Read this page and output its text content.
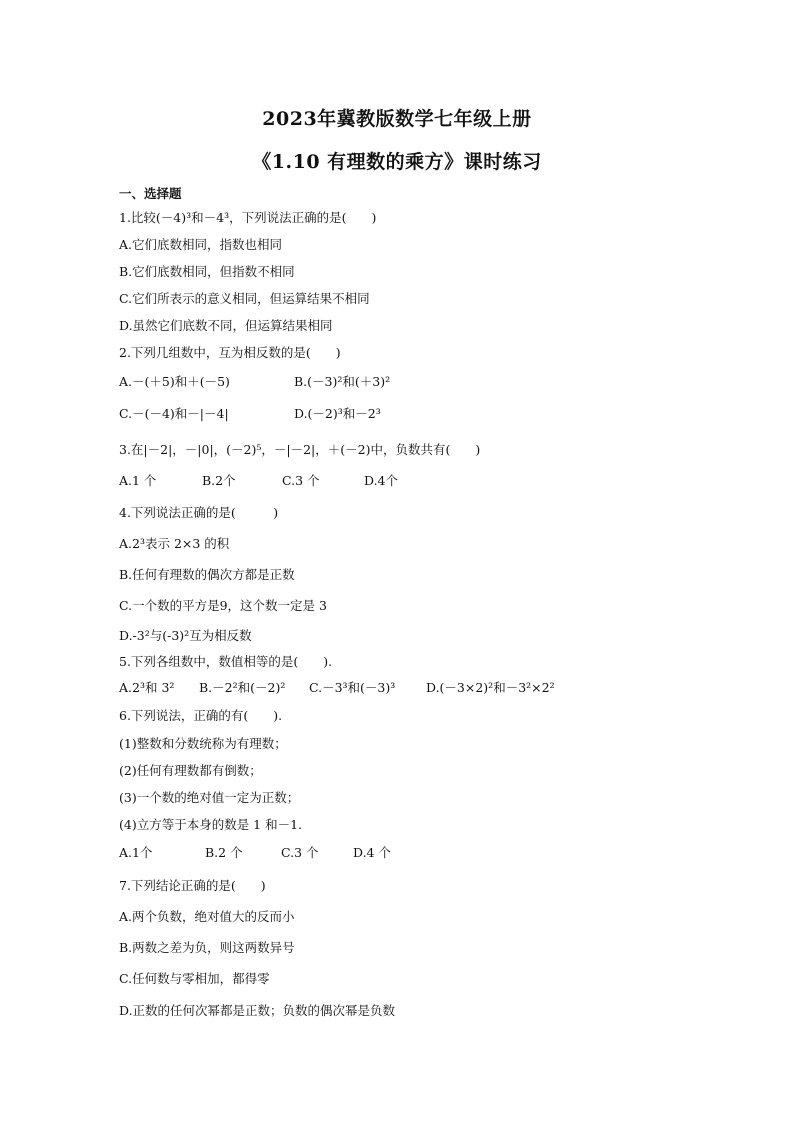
2023年冀教版数学七年级上册
《1.10 有理数的乘方》课时练习
一、选择题
1.比较(－4)³和－4³，下列说法正确的是(　　)
A.它们底数相同，指数也相同
B.它们底数相同，但指数不相同
C.它们所表示的意义相同，但运算结果不相同
D.虽然它们底数不同，但运算结果相同
2.下列几组数中，互为相反数的是(　　)
A.－(＋5)和＋(－5)	B.(－3)²和(＋3)²
C.－(－4)和－|－4|	D.(－2)³和－2³
3.在|－2|，－|0|，(－2)⁵，－|－2|，＋(－2)中，负数共有(　　)
A.1 个	B.2个	C.3 个	D.4个
4.下列说法正确的是(　　　)
A.2³表示 2×3 的积
B.任何有理数的偶次方都是正数
C.一个数的平方是9，这个数一定是 3
D.-3²与(-3)²互为相反数
5.下列各组数中，数值相等的是(　　).
A.2³和 3² B.－2²和(－2)² C.－3³和(－3)³ D.(－3×2)²和－3²×2²
6.下列说法，正确的有(　　).
(1)整数和分数统称为有理数；
(2)任何有理数都有倒数；
(3)一个数的绝对值一定为正数；
(4)立方等于本身的数是 1 和－1.
A.1个	B.2 个	C.3 个	D.4 个
7.下列结论正确的是(　　)
A.两个负数，绝对值大的反而小
B.两数之差为负，则这两数异号
C.任何数与零相加，都得零
D.正数的任何次幂都是正数；负数的偶次幂是负数
